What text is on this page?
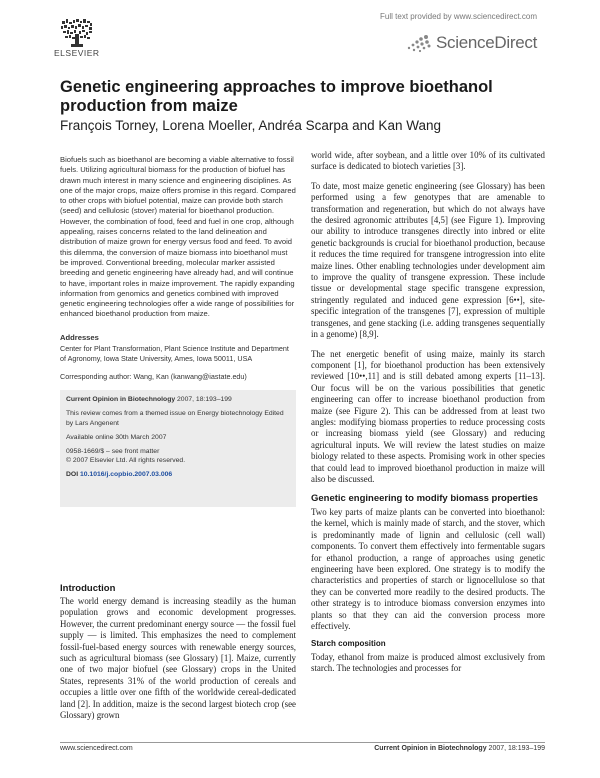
ELSEVIER
Full text provided by www.sciencedirect.com
ScienceDirect
Genetic engineering approaches to improve bioethanol production from maize
François Torney, Lorena Moeller, Andréa Scarpa and Kan Wang
Biofuels such as bioethanol are becoming a viable alternative to fossil fuels. Utilizing agricultural biomass for the production of biofuel has drawn much interest in many science and engineering disciplines. As one of the major crops, maize offers promise in this regard. Compared to other crops with biofuel potential, maize can provide both starch (seed) and cellulosic (stover) material for bioethanol production. However, the combination of food, feed and fuel in one crop, although appealing, raises concerns related to the land delineation and distribution of maize grown for energy versus food and feed. To avoid this dilemma, the conversion of maize biomass into bioethanol must be improved. Conventional breeding, molecular marker assisted breeding and genetic engineering have already had, and will continue to have, important roles in maize improvement. The rapidly expanding information from genomics and genetics combined with improved genetic engineering technologies offer a wide range of possibilities for enhanced bioethanol production from maize.
Addresses
Center for Plant Transformation, Plant Science Institute and Department of Agronomy, Iowa State University, Ames, Iowa 50011, USA
Corresponding author: Wang, Kan (kanwang@iastate.edu)

Current Opinion in Biotechnology 2007, 18:193–199

This review comes from a themed issue on Energy biotechnology Edited by Lars Angenent

Available online 30th March 2007

0958-1669/$ – see front matter

© 2007 Elsevier Ltd. All rights reserved.

DOI 10.1016/j.copbio.2007.03.006

Introduction
The world energy demand is increasing steadily as the human population grows and economic development progresses. However, the current predominant energy source — the fossil fuel supply — is limited. This emphasizes the need to complement fossil-fuel-based energy sources with renewable energy sources, such as agricultural biomass (see Glossary) [1]. Maize, currently one of two major biofuel (see Glossary) crops in the United States, represents 31% of the world production of cereals and occupies a little over one fifth of the worldwide cereal-dedicated land [2]. In addition, maize is the second largest biotech crop (see Glossary) grown

world wide, after soybean, and a little over 10% of its cultivated surface is dedicated to biotech varieties [3].

To date, most maize genetic engineering (see Glossary) has been performed using a few genotypes that are amenable to transformation and regeneration, but which do not always have the desired agronomic attributes [4,5] (see Figure 1). Improving our ability to introduce transgenes directly into inbred or elite genetic backgrounds is crucial for bioethanol production, because it reduces the time required for transgene introgression into elite maize lines. Other enabling technologies under development aim to improve the quality of transgene expression. These include tissue or developmental stage specific transgene expression, stringently regulated and induced gene expression [6••], site-specific integration of the transgenes [7], expression of multiple transgenes, and gene stacking (i.e. adding transgenes sequentially in a genome) [8,9].

The net energetic benefit of using maize, mainly its starch component [1], for bioethanol production has been extensively reviewed [10••,11] and is still debated among experts [11–13]. Our focus will be on the various possibilities that genetic engineering can offer to increase bioethanol production from maize (see Figure 2). This can be addressed from at least two angles: modifying biomass properties to reduce processing costs or increasing biomass yield (see Glossary) and reducing agricultural inputs. We will review the latest studies on maize biology related to these aspects. Promising work in other species that could lead to improved bioethanol production in maize will also be discussed.

Genetic engineering to modify biomass properties

Two key parts of maize plants can be converted into bioethanol: the kernel, which is mainly made of starch, and the stover, which is predominantly made of lignin and cellulosic (cell wall) components. To convert them effectively into fermentable sugars for ethanol production, a range of approaches using genetic engineering have been explored. One strategy is to modify the characteristics and properties of starch or lignocellulose so that they can be converted more readily to the desired products. The other strategy is to introduce biomass conversion enzymes into plants so that they can aid the conversion process more effectively.

Starch composition

Today, ethanol from maize is produced almost exclusively from starch. The technologies and processes for

www.sciencedirect.com	Current Opinion in Biotechnology 2007, 18:193–199
